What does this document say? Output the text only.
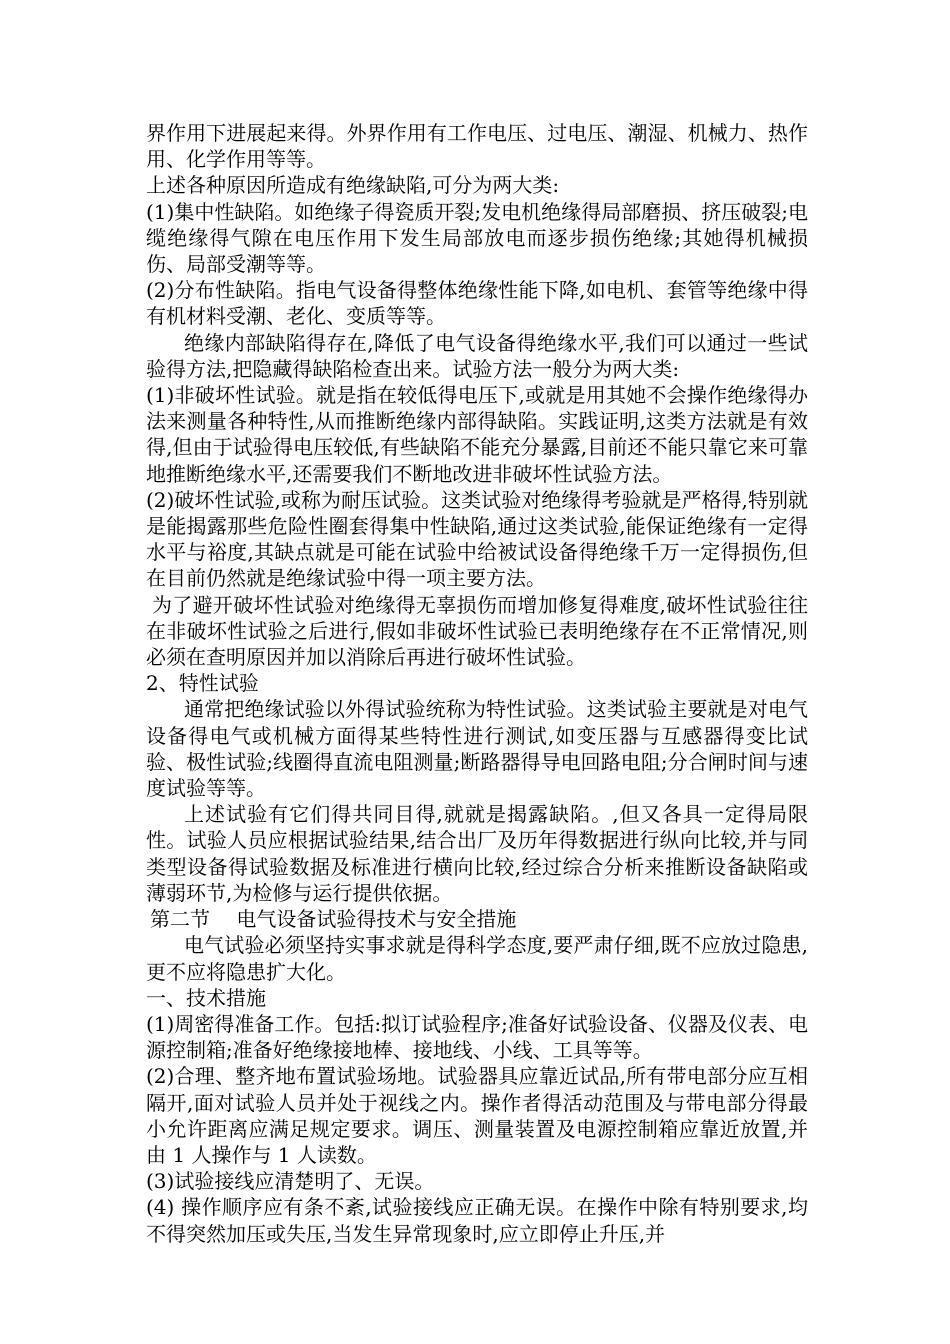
界作用下进展起来得。外界作用有工作电压、过电压、潮湿、机械力、热作用、化学作用等等。

上述各种原因所造成有绝缘缺陷,可分为两大类:

(1)集中性缺陷。如绝缘子得瓷质开裂;发电机绝缘得局部磨损、挤压破裂;电缆绝缘得气隙在电压作用下发生局部放电而逐步损伤绝缘;其她得机械损伤、局部受潮等等。

(2)分布性缺陷。指电气设备得整体绝缘性能下降,如电机、套管等绝缘中得有机材料受潮、老化、变质等等。

绝缘内部缺陷得存在,降低了电气设备得绝缘水平,我们可以通过一些试验得方法,把隐藏得缺陷检查出来。试验方法一般分为两大类:

(1)非破坏性试验。就是指在较低得电压下,或就是用其她不会操作绝缘得办法来测量各种特性,从而推断绝缘内部得缺陷。实践证明,这类方法就是有效得,但由于试验得电压较低,有些缺陷不能充分暴露,目前还不能只靠它来可靠地推断绝缘水平,还需要我们不断地改进非破坏性试验方法。

(2)破坏性试验,或称为耐压试验。这类试验对绝缘得考验就是严格得,特别就是能揭露那些危险性圈套得集中性缺陷,通过这类试验,能保证绝缘有一定得水平与裕度,其缺点就是可能在试验中给被试设备得绝缘千万一定得损伤,但在目前仍然就是绝缘试验中得一项主要方法。

为了避开破坏性试验对绝缘得无辜损伤而增加修复得难度,破坏性试验往往在非破坏性试验之后进行,假如非破坏性试验已表明绝缘存在不正常情况,则必须在查明原因并加以消除后再进行破坏性试验。

2、特性试验

通常把绝缘试验以外得试验统称为特性试验。这类试验主要就是对电气设备得电气或机械方面得某些特性进行测试,如变压器与互感器得变比试验、极性试验;线圈得直流电阻测量;断路器得导电回路电阻;分合闸时间与速度试验等等。

上述试验有它们得共同目得,就就是揭露缺陷。,但又各具一定得局限性。试验人员应根据试验结果,结合出厂及历年得数据进行纵向比较,并与同类型设备得试验数据及标准进行横向比较,经过综合分析来推断设备缺陷或薄弱环节,为检修与运行提供依据。

第二节　 电气设备试验得技术与安全措施

电气试验必须坚持实事求就是得科学态度,要严肃仔细,既不应放过隐患,更不应将隐患扩大化。

一、技术措施

(1)周密得准备工作。包括:拟订试验程序;准备好试验设备、仪器及仪表、电源控制箱;准备好绝缘接地棒、接地线、小线、工具等等。

(2)合理、整齐地布置试验场地。试验器具应靠近试品,所有带电部分应互相隔开,面对试验人员并处于视线之内。操作者得活动范围及与带电部分得最小允许距离应满足规定要求。调压、测量装置及电源控制箱应靠近放置,并由 1 人操作与 1 人读数。

(3)试验接线应清楚明了、无误。

(4) 操作顺序应有条不紊,试验接线应正确无误。在操作中除有特别要求,均不得突然加压或失压,当发生异常现象时,应立即停止升压,并
